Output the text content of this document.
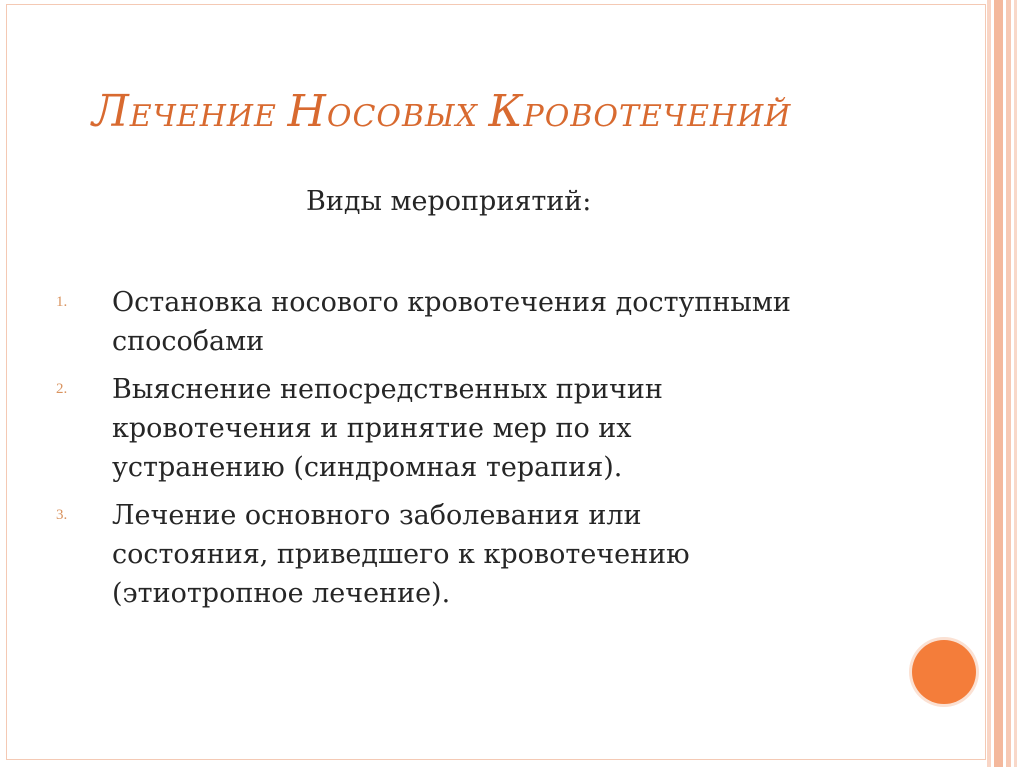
ЛЕЧЕНИЕ НОСОВЫХ КРОВОТЕЧЕНИЙ
Виды мероприятий:
1. Остановка носового кровотечения доступными
способами
2. Выяснение непосредственных причин
кровотечения и принятие мер по их
устранению (синдромная терапия).
3. Лечение основного заболевания или
состояния, приведшего к кровотечению
(этиотропное лечение).
